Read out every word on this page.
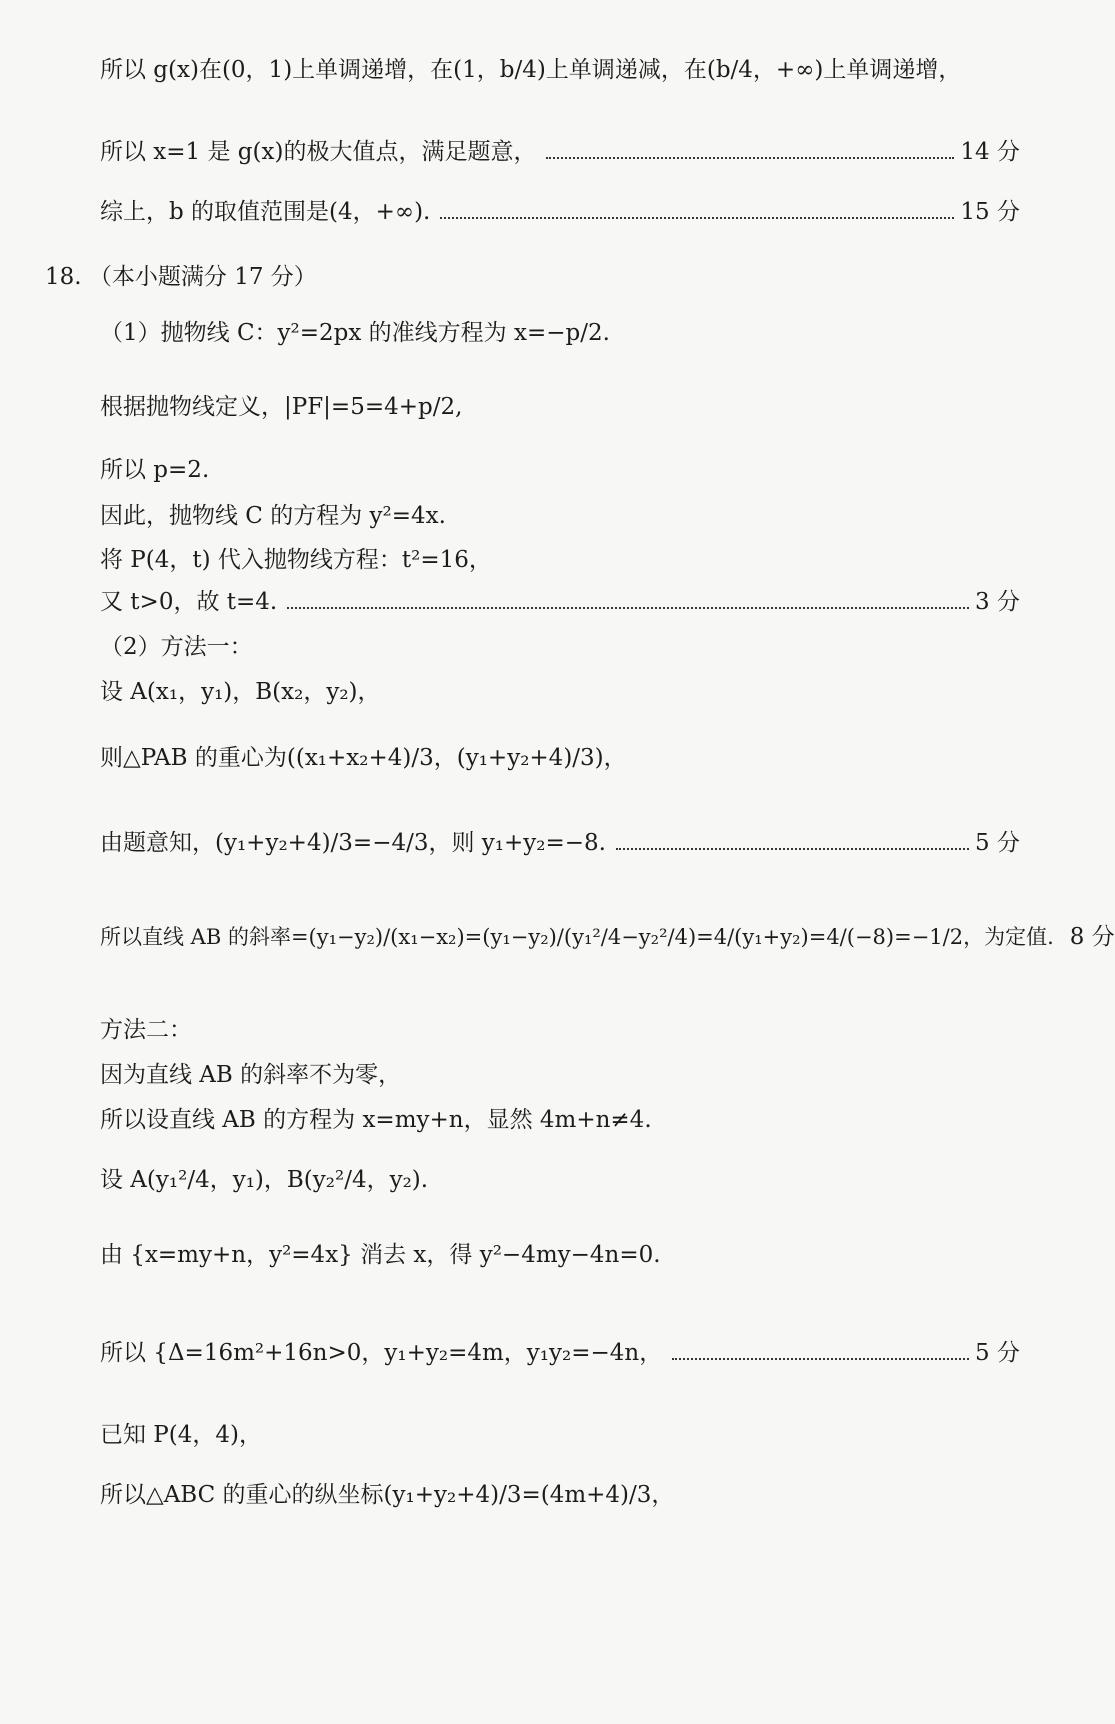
所以 g(x)在(0，1)上单调递增，在(1，b/4)上单调递减，在(b/4，+∞)上单调递增，
所以 x=1 是 g(x)的极大值点，满足题意，	14 分
综上，b 的取值范围是(4，+∞).	15 分
18. （本小题满分 17 分）
（1）抛物线 C：y²=2px 的准线方程为 x=−p/2.
根据抛物线定义，|PF|=5=4+p/2,
所以 p=2.
因此，抛物线 C 的方程为 y²=4x.
将 P(4，t) 代入抛物线方程：t²=16，
又 t>0，故 t=4.	3 分
（2）方法一：
设 A(x₁，y₁)，B(x₂，y₂)，
则△PAB 的重心为((x₁+x₂+4)/3，(y₁+y₂+4)/3)，
由题意知，(y₁+y₂+4)/3=−4/3，则 y₁+y₂=−8.	5 分
所以直线 AB 的斜率=(y₁−y₂)/(x₁−x₂)=(y₁−y₂)/(y₁²/4−y₂²/4)=4/(y₁+y₂)=4/(−8)=−1/2，为定值. 8 分
方法二：
因为直线 AB 的斜率不为零，
所以设直线 AB 的方程为 x=my+n，显然 4m+n≠4.
设 A(y₁²/4，y₁)，B(y₂²/4，y₂).
由 {x=my+n，y²=4x} 消去 x，得 y²−4my−4n=0.
所以 {Δ=16m²+16n>0，y₁+y₂=4m，y₁y₂=−4n，	5 分
已知 P(4，4)，
所以△ABC 的重心的纵坐标(y₁+y₂+4)/3=(4m+4)/3，
